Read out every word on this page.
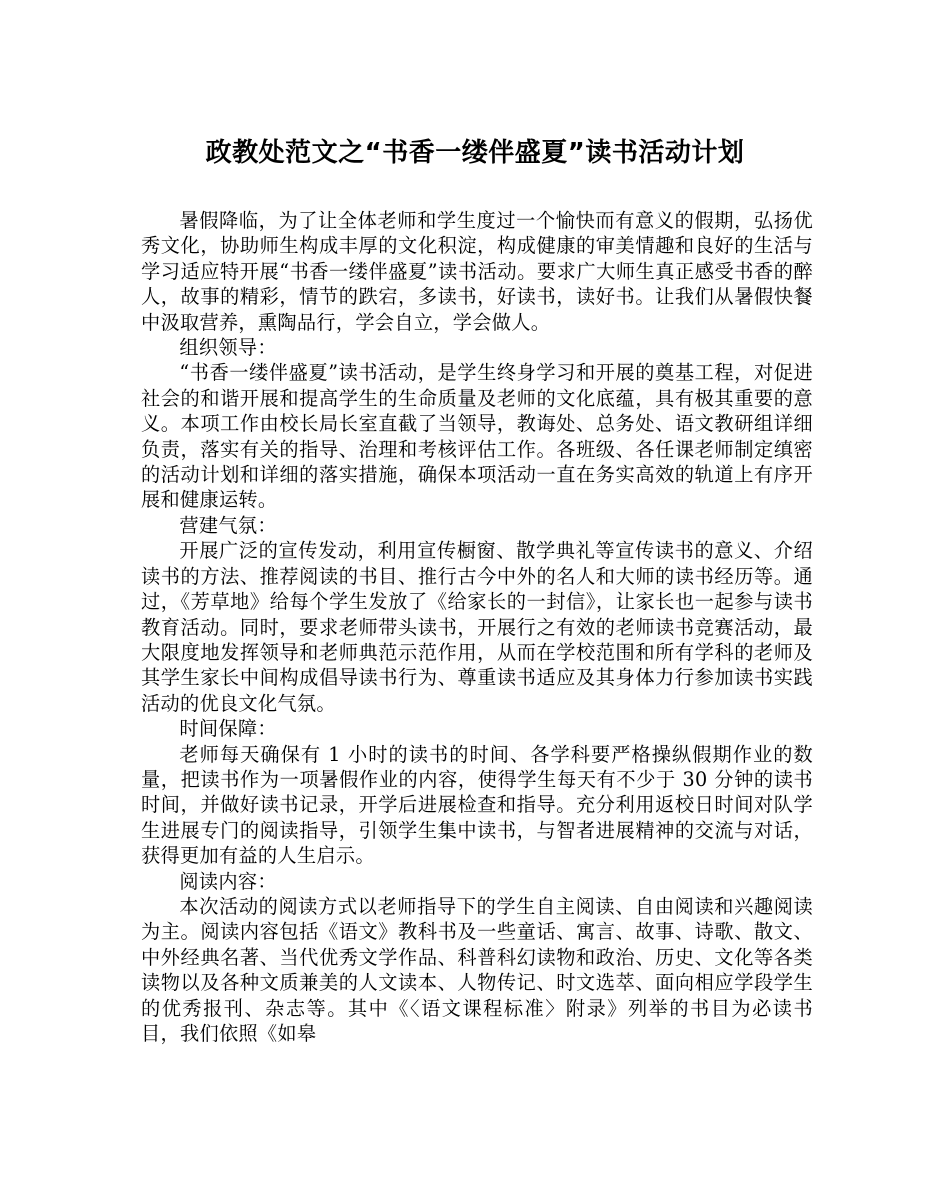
政教处范文之“书香一缕伴盛夏”读书活动计划

暑假降临，为了让全体老师和学生度过一个愉快而有意义的假期，弘扬优秀文化，协助师生构成丰厚的文化积淀，构成健康的审美情趣和良好的生活与学习适应特开展“书香一缕伴盛夏”读书活动。要求广大师生真正感受书香的醉人，故事的精彩，情节的跌宕，多读书，好读书，读好书。让我们从暑假快餐中汲取营养，熏陶品行，学会自立，学会做人。

组织领导：

“书香一缕伴盛夏”读书活动，是学生终身学习和开展的奠基工程，对促进社会的和谐开展和提高学生的生命质量及老师的文化底蕴，具有极其重要的意义。本项工作由校长局长室直截了当领导，教诲处、总务处、语文教研组详细负责，落实有关的指导、治理和考核评估工作。各班级、各任课老师制定缜密的活动计划和详细的落实措施，确保本项活动一直在务实高效的轨道上有序开展和健康运转。

营建气氛：

开展广泛的宣传发动，利用宣传橱窗、散学典礼等宣传读书的意义、介绍读书的方法、推荐阅读的书目、推行古今中外的名人和大师的读书经历等。通过，《芳草地》给每个学生发放了《给家长的一封信》，让家长也一起参与读书教育活动。同时，要求老师带头读书，开展行之有效的老师读书竞赛活动，最大限度地发挥领导和老师典范示范作用，从而在学校范围和所有学科的老师及其学生家长中间构成倡导读书行为、尊重读书适应及其身体力行参加读书实践活动的优良文化气氛。

时间保障：

老师每天确保有 1 小时的读书的时间、各学科要严格操纵假期作业的数量，把读书作为一项暑假作业的内容，使得学生每天有不少于 30 分钟的读书时间，并做好读书记录，开学后进展检查和指导。充分利用返校日时间对队学生进展专门的阅读指导，引领学生集中读书，与智者进展精神的交流与对话，获得更加有益的人生启示。

阅读内容：

本次活动的阅读方式以老师指导下的学生自主阅读、自由阅读和兴趣阅读为主。阅读内容包括《语文》教科书及一些童话、寓言、故事、诗歌、散文、中外经典名著、当代优秀文学作品、科普科幻读物和政治、历史、文化等各类读物以及各种文质兼美的人文读本、人物传记、时文选萃、面向相应学段学生的优秀报刊、杂志等。其中《〈语文课程标准〉附录》列举的书目为必读书目，我们依照《如皋
